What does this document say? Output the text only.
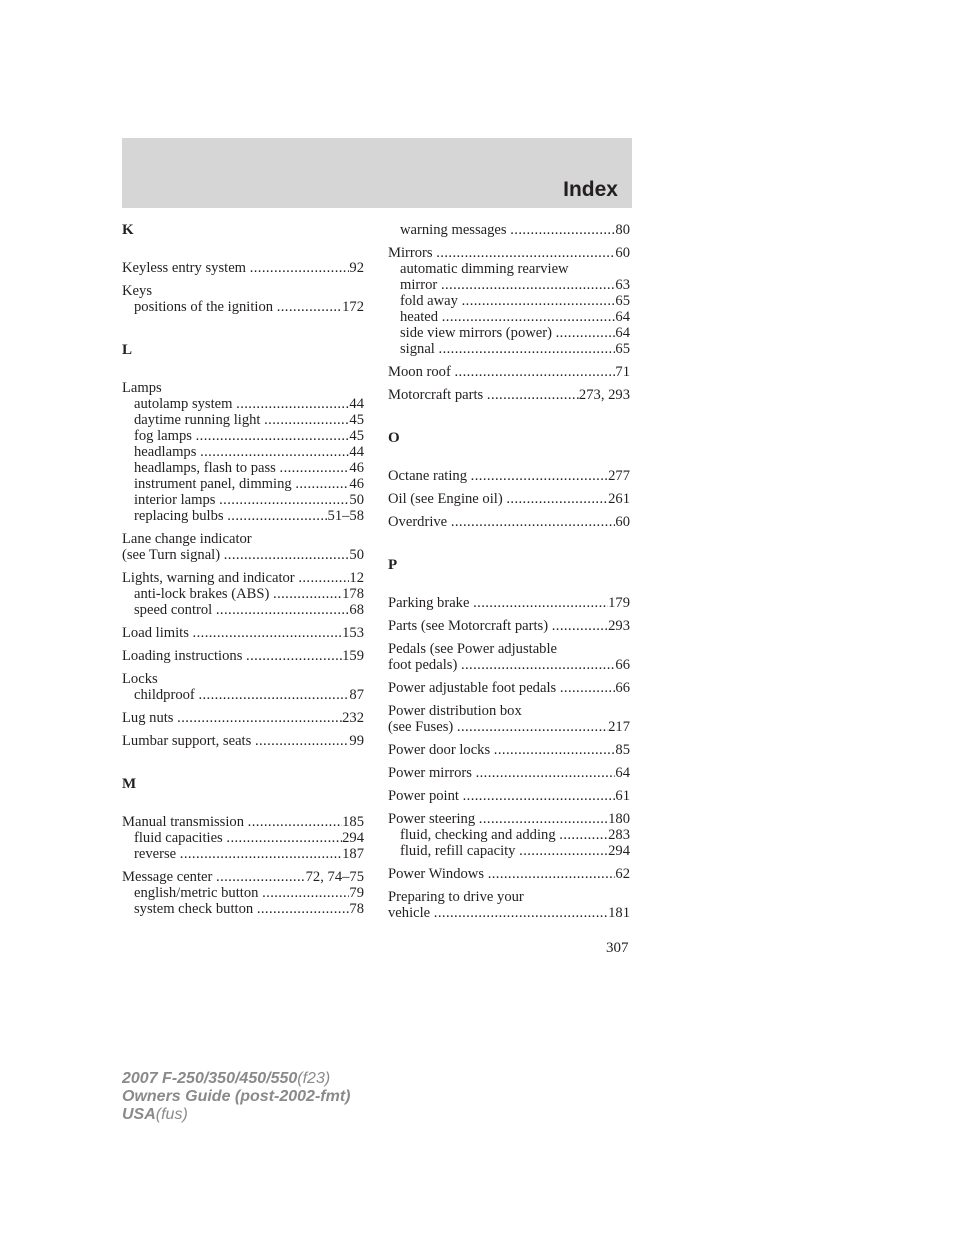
Index
K
Keyless entry system .....	92
Keys
positions of the ignition .....	172
L
Lamps
autolamp system .....	44
daytime running light .....	45
fog lamps .....	45
headlamps .....	44
headlamps, flash to pass .....	46
instrument panel, dimming .....	46
interior lamps .....	50
replacing bulbs .....	51–58
Lane change indicator
(see Turn signal) .....	50
Lights, warning and indicator .....	12
anti-lock brakes (ABS) .....	178
speed control .....	68
Load limits .....	153
Loading instructions .....	159
Locks
childproof .....	87
Lug nuts .....	232
Lumbar support, seats .....	99
M
Manual transmission .....	185
fluid capacities .....	294
reverse .....	187
Message center .....	72, 74–75
english/metric button .....	79
system check button .....	78
warning messages .....	80
Mirrors .....	60
automatic dimming rearview
mirror .....	63
fold away .....	65
heated .....	64
side view mirrors (power) .....	64
signal .....	65
Moon roof .....	71
Motorcraft parts .....	273, 293
O
Octane rating .....	277
Oil (see Engine oil) .....	261
Overdrive .....	60
P
Parking brake .....	179
Parts (see Motorcraft parts) .....	293
Pedals (see Power adjustable
foot pedals) .....	66
Power adjustable foot pedals .....	66
Power distribution box
(see Fuses) .....	217
Power door locks .....	85
Power mirrors .....	64
Power point .....	61
Power steering .....	180
fluid, checking and adding .....	283
fluid, refill capacity .....	294
Power Windows .....	62
Preparing to drive your
vehicle .....	181
307
2007 F-250/350/450/550(f23)
Owners Guide (post-2002-fmt)
USA(fus)
